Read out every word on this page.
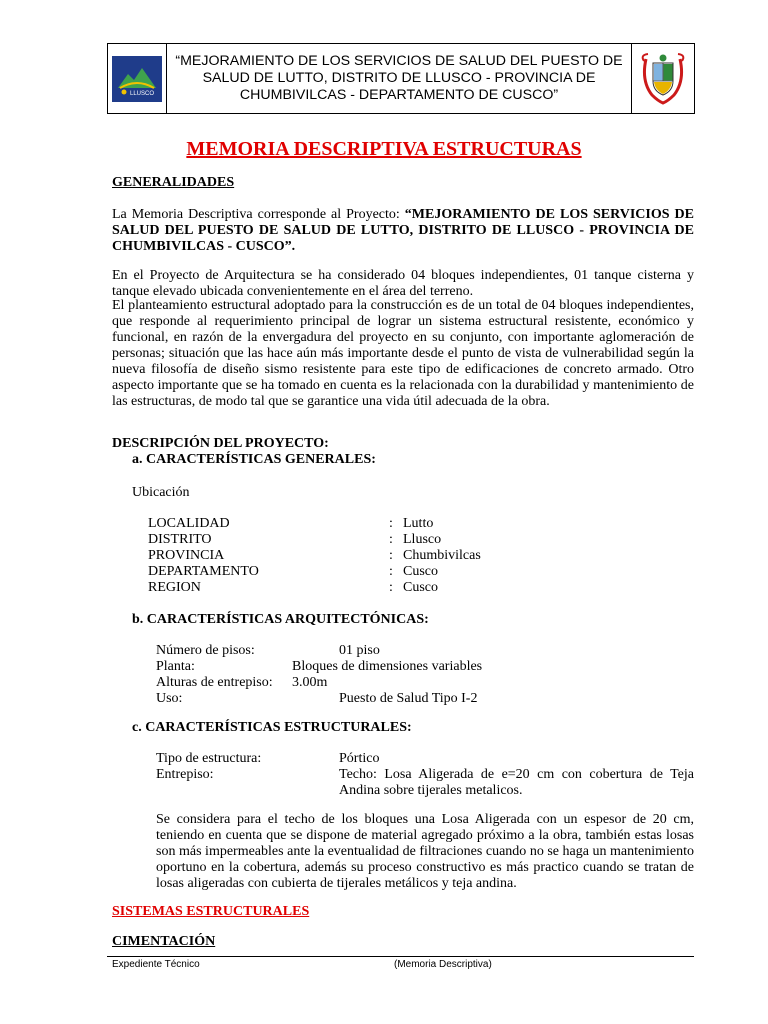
LLUSCO
“MEJORAMIENTO DE LOS SERVICIOS DE SALUD DEL PUESTO DE SALUD DE LUTTO, DISTRITO DE LLUSCO - PROVINCIA DE CHUMBIVILCAS - DEPARTAMENTO DE CUSCO”
MEMORIA DESCRIPTIVA ESTRUCTURAS
GENERALIDADES
La Memoria Descriptiva corresponde al Proyecto: “MEJORAMIENTO DE LOS SERVICIOS DE SALUD DEL PUESTO DE SALUD DE LUTTO, DISTRITO DE LLUSCO - PROVINCIA DE CHUMBIVILCAS - CUSCO”.
En el Proyecto de Arquitectura se ha considerado 04 bloques independientes, 01 tanque cisterna y tanque elevado ubicada convenientemente en el área del terreno.
El planteamiento estructural adoptado para la construcción es de un total de 04 bloques independientes, que responde al requerimiento principal de lograr un sistema estructural resistente, económico y funcional, en razón de la envergadura del proyecto en su conjunto, con importante aglomeración de personas; situación que las hace aún más importante desde el punto de vista de vulnerabilidad según la nueva filosofía de diseño sismo resistente para este tipo de edificaciones de concreto armado. Otro aspecto importante que se ha tomado en cuenta es la relacionada con la durabilidad y mantenimiento de las estructuras, de modo tal que se garantice una vida útil adecuada de la obra.
DESCRIPCIÓN DEL PROYECTO:
a. CARACTERÍSTICAS GENERALES:
Ubicación
LOCALIDAD	: Lutto
DISTRITO	: Llusco
PROVINCIA	: Chumbivilcas
DEPARTAMENTO	: Cusco
REGION	: Cusco
b. CARACTERÍSTICAS ARQUITECTÓNICAS:
Número de pisos:	01 piso
Planta:	Bloques de dimensiones variables
Alturas de entrepiso: 3.00m
Uso:	Puesto de Salud Tipo I-2
c. CARACTERÍSTICAS ESTRUCTURALES:
Tipo de estructura:	Pórtico
Entrepiso:	Techo: Losa Aligerada de e=20 cm con cobertura de Teja Andina sobre tijerales metalicos.
Se considera para el techo de los bloques una Losa Aligerada con un espesor de 20 cm, teniendo en cuenta que se dispone de material agregado próximo a la obra, también estas losas son más impermeables ante la eventualidad de filtraciones cuando no se haga un mantenimiento oportuno en la cobertura, además su proceso constructivo es más practico cuando se tratan de losas aligeradas con cubierta de tijerales metálicos y teja andina.
SISTEMAS ESTRUCTURALES
CIMENTACIÓN
Expediente Técnico	(Memoria Descriptiva)
